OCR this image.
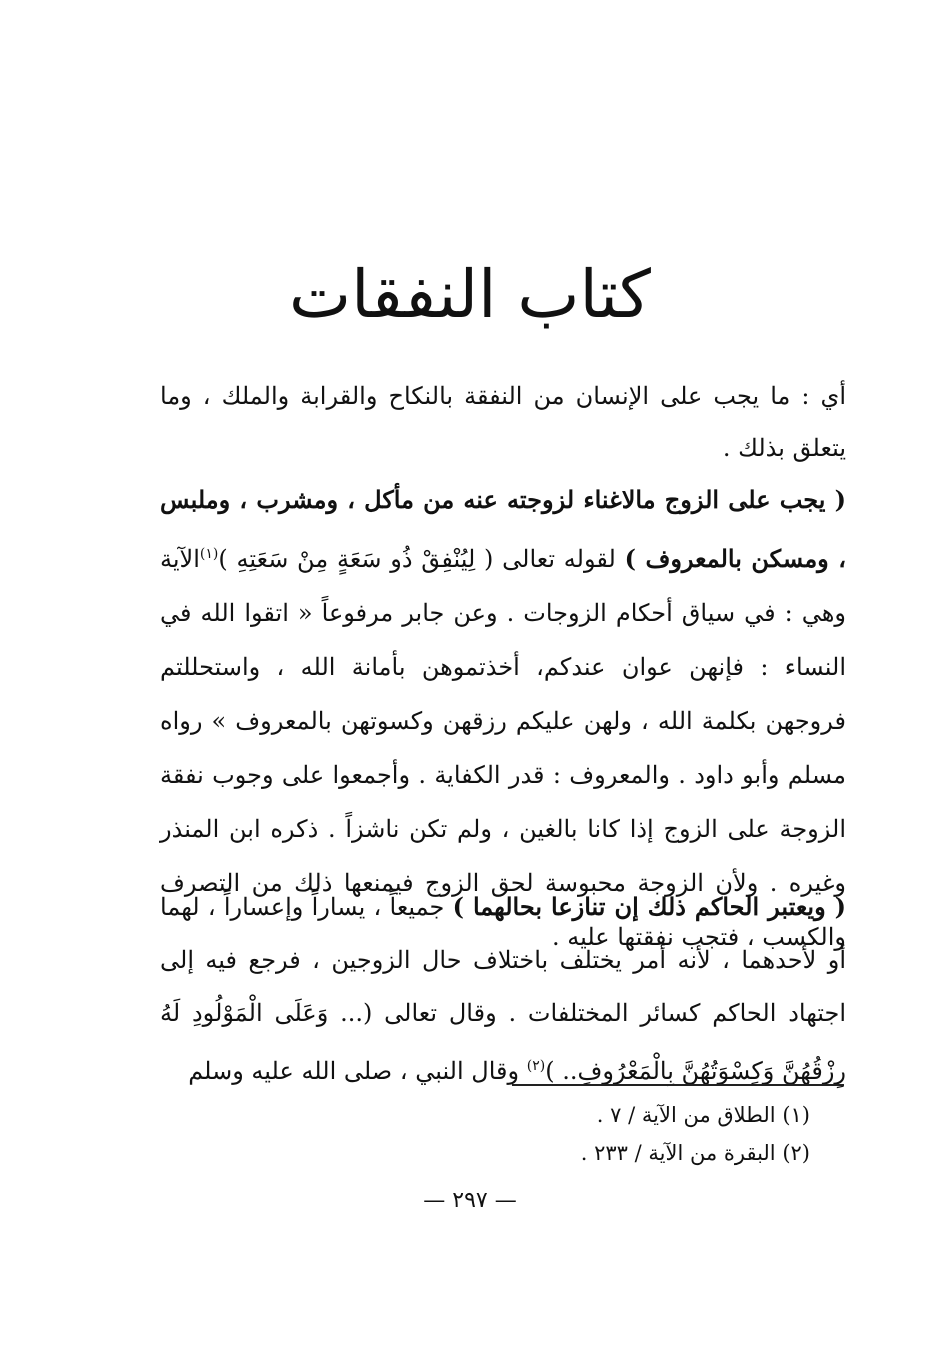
كتاب النفقات

أي : ما يجب على الإنسان من النفقة بالنكاح والقرابة والملك ، وما يتعلق بذلك .

( يجب على الزوج مالاغناء لزوجته عنه من مأكل ، ومشرب ، وملبس ، ومسكن بالمعروف ) لقوله تعالى ( لِيُنْفِقْ ذُو سَعَةٍ مِنْ سَعَتِهِ )$^{(١)}$الآية وهي : في سياق أحكام الزوجات . وعن جابر مرفوعاً « اتقوا الله في النساء : فإنهن عوان عندكم، أخذتموهن بأمانة الله ، واستحللتم فروجهن بكلمة الله ، ولهن عليكم رزقهن وكسوتهن بالمعروف » رواه مسلم وأبو داود . والمعروف : قدر الكفاية . وأجمعوا على وجوب نفقة الزوجة على الزوج إذا كانا بالغين ، ولم تكن ناشزاً . ذكره ابن المنذر وغيره . ولأن الزوجة محبوسة لحق الزوج فيمنعها ذلك من التصرف والكسب ، فتجب نفقتها عليه .

( ويعتبر الحاكم ذلك إن تنازعا بحالهما ) جميعاً ، يساراً وإعساراً ، لهما أو لأحدهما ، لأنه أمر يختلف باختلاف حال الزوجين ، فرجع فيه إلى اجتهاد الحاكم كسائر المختلفات . وقال تعالى (... وَعَلَى الْمَوْلُودِ لَهُ رِزْقُهُنَّ وَكِسْوَتُهُنَّ بِالْمَعْرُوفِ.. )$^{(٢)}$ وقال النبي ، صلى الله عليه وسلم

(١) الطلاق من الآية / ٧ .
(٢) البقرة من الآية / ٢٣٣ .
— ٢٩٧ —
